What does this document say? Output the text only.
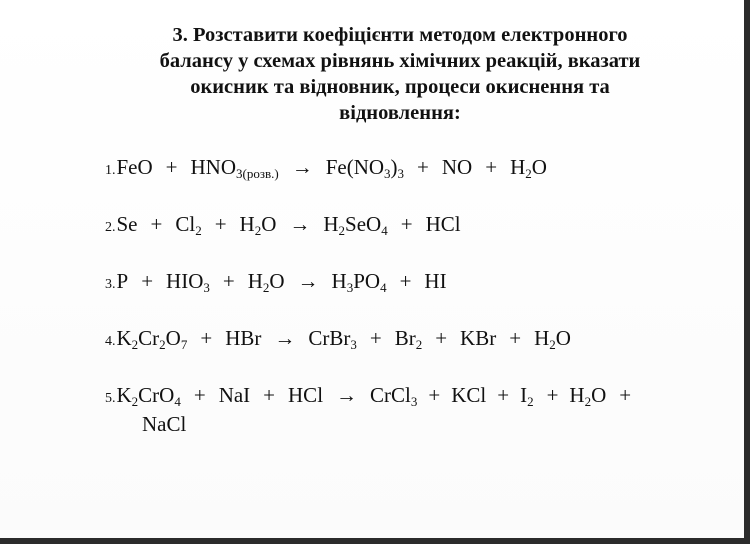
3. Розставити коефіцієнти методом електронного
балансу у схемах рівнянь хімічних реакцій, вказати
окисник та відновник, процеси окиснення та
відновлення:
$1.FeO + HNO_{3(розв.)} \to Fe(NO_3)_3$ + NO + $H_2O$
$2.Se + Cl_2 + H_2O \to H_2SeO_4$ + HCl
$3.P + HIO_3 + H_2O \to H_3PO_4$ + HI
$4.K_2Cr_2O_7$ + HBr → CrBr$_3$ + $Br_2$ + KBr + $H_2O$
$5.K_2CrO_4$ + NaI + HCl → CrCl$_3$ + KCl + $I_2 + H_2O$ +
NaCl
